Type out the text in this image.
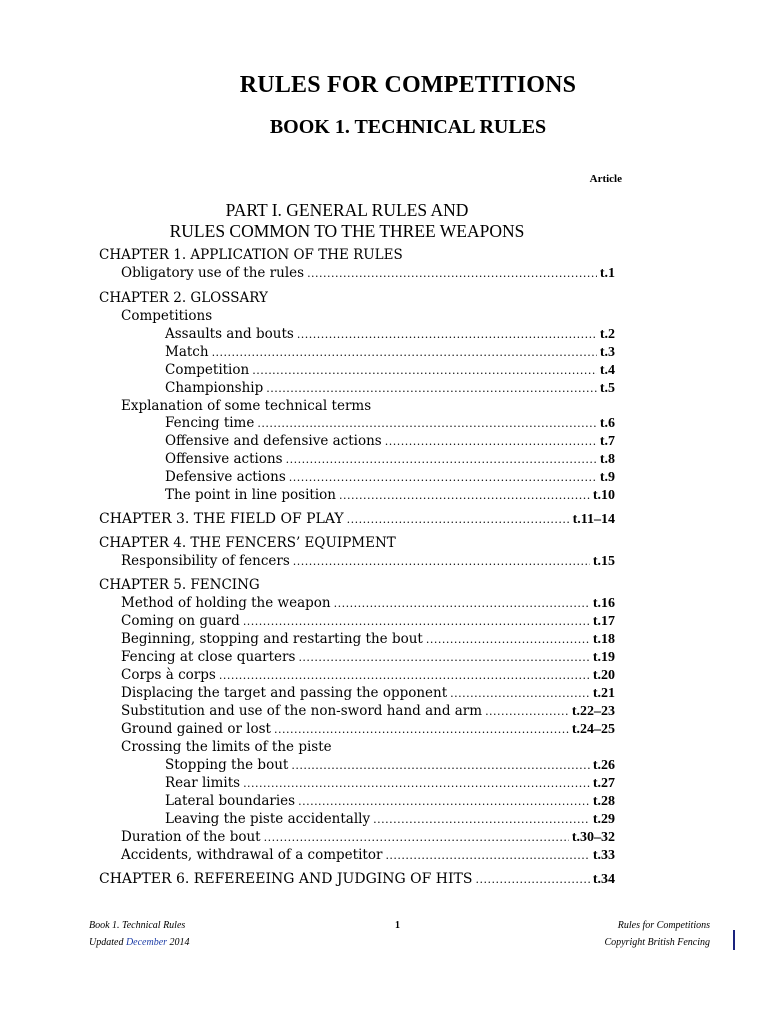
RULES FOR COMPETITIONS
BOOK 1. TECHNICAL RULES
Article
PART I. GENERAL RULES AND
RULES COMMON TO THE THREE WEAPONS
CHAPTER 1. APPLICATION OF THE RULES
Obligatory use of the rules .....	t.1
CHAPTER 2. GLOSSARY
Competitions
Assaults and bouts .....	t.2
Match .....	t.3
Competition .....	t.4
Championship .....	t.5
Explanation of some technical terms
Fencing time .....	t.6
Offensive and defensive actions .....	t.7
Offensive actions .....	t.8
Defensive actions .....	t.9
The point in line position .....	t.10
CHAPTER 3. THE FIELD OF PLAY .....	t.11–14
CHAPTER 4. THE FENCERS’ EQUIPMENT
Responsibility of fencers .....	t.15
CHAPTER 5. FENCING
Method of holding the weapon .....	t.16
Coming on guard .....	t.17
Beginning, stopping and restarting the bout .....	t.18
Fencing at close quarters .....	t.19
Corps à corps .....	t.20
Displacing the target and passing the opponent .....	t.21
Substitution and use of the non-sword hand and arm .....	t.22–23
Ground gained or lost .....	t.24–25
Crossing the limits of the piste
Stopping the bout .....	t.26
Rear limits .....	t.27
Lateral boundaries .....	t.28
Leaving the piste accidentally .....	t.29
Duration of the bout .....	t.30–32
Accidents, withdrawal of a competitor .....	t.33
CHAPTER 6. REFEREEING AND JUDGING OF HITS .....	t.34
Book 1. Technical Rules	1	Rules for Competitions
Updated December 2014	Copyright British Fencing
